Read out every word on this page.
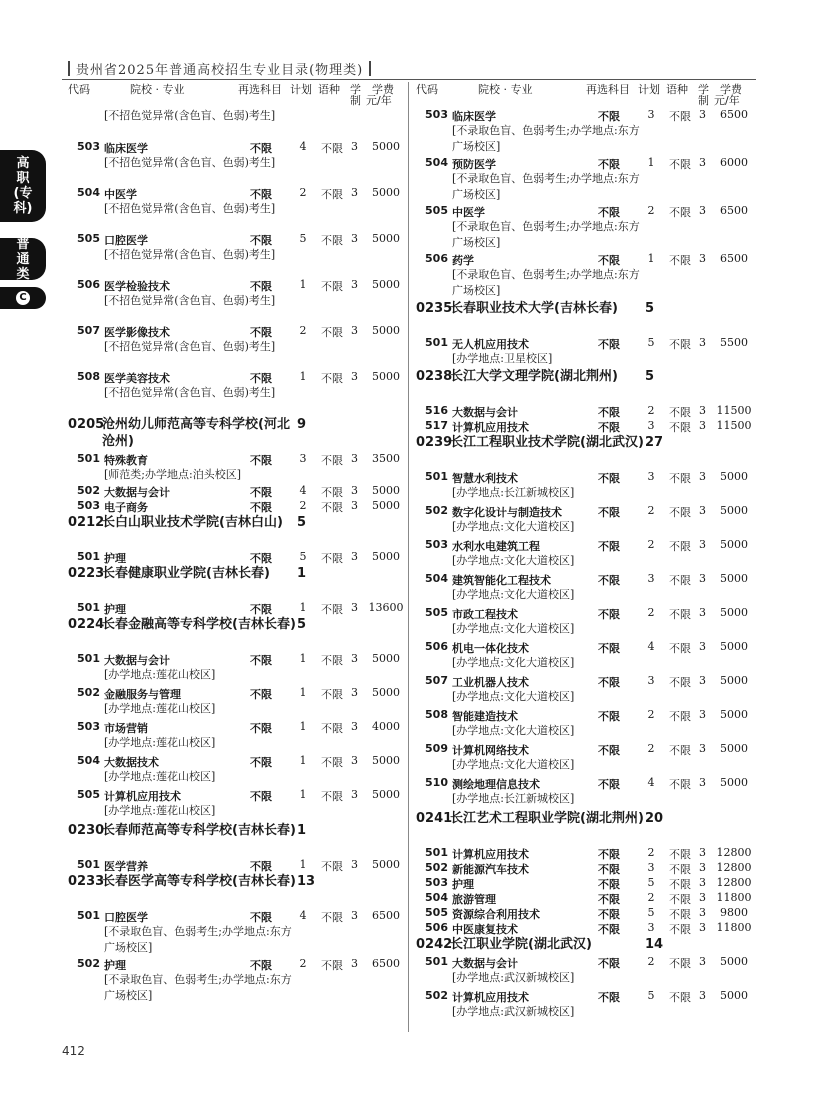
贵州省2025年普通高校招生专业目录(物理类)
高
职
(专
科)
普
通
类
C
代码	院校 · 专业	再选科目 计划 语种 学
制
学费
元/年
[不招色觉异常(含色盲、色弱)考生]
503 临床医学	不限	4 不限 3	5000
[不招色觉异常(含色盲、色弱)考生]
504 中医学	不限	2 不限 3	5000
[不招色觉异常(含色盲、色弱)考生]
505 口腔医学	不限	5 不限 3	5000
[不招色觉异常(含色盲、色弱)考生]
506 医学检验技术	不限	1 不限 3	5000
[不招色觉异常(含色盲、色弱)考生]
507 医学影像技术	不限	2 不限 3	5000
[不招色觉异常(含色盲、色弱)考生]
508 医学美容技术	不限	1 不限 3	5000
[不招色觉异常(含色盲、色弱)考生]
0205
沧州幼儿师范高等专科学校(河北沧州)
9
501 特殊教育	不限	3 不限 3	3500
[师范类;办学地点:泊头校区]
502 大数据与会计	不限	4 不限 3	5000
503 电子商务	不限	2 不限 3	5000
0212
长白山职业技术学院(吉林白山)	5
501 护理	不限	5 不限 3	5000
0223
长春健康职业学院(吉林长春)	1
501 护理	不限	1 不限 3 13600
0224
长春金融高等专科学校(吉林长春) 5
501 大数据与会计	不限	1 不限 3	5000
[办学地点:莲花山校区]
502 金融服务与管理	不限	1 不限 3	5000
[办学地点:莲花山校区]
503 市场营销	不限	1 不限 3	4000
[办学地点:莲花山校区]
504 大数据技术	不限	1 不限 3	5000
[办学地点:莲花山校区]
505 计算机应用技术	不限	1 不限 3	5000
[办学地点:莲花山校区]
0230
长春师范高等专科学校(吉林长春) 1
501 医学营养	不限	1 不限 3	5000
0233
长春医学高等专科学校(吉林长春) 13
501 口腔医学	不限	4 不限 3	6500
[不录取色盲、色弱考生;办学地点:东方广场校区]
502 护理	不限	2 不限 3	6500
[不录取色盲、色弱考生;办学地点:东方广场校区]
代码	院校 · 专业	再选科目 计划 语种 学
制
学费
元/年
503 临床医学	不限	3 不限 3	6500
[不录取色盲、色弱考生;办学地点:东方广场校区]
504 预防医学	不限	1 不限 3	6000
[不录取色盲、色弱考生;办学地点:东方广场校区]
505 中医学	不限	2 不限 3	6500
[不录取色盲、色弱考生;办学地点:东方广场校区]
506 药学	不限	1 不限 3	6500
[不录取色盲、色弱考生;办学地点:东方广场校区]
0235
长春职业技术大学(吉林长春)	5
501 无人机应用技术	不限	5 不限 3	5500
[办学地点:卫星校区]
0238
长江大学文理学院(湖北荆州)	5
516 大数据与会计	不限	2 不限 3 11500
517 计算机应用技术	不限	3 不限 3 11500
0239
长江工程职业技术学院(湖北武汉) 27
501 智慧水利技术	不限	3 不限 3	5000
[办学地点:长江新城校区]
502 数字化设计与制造技术	不限	2 不限 3	5000
[办学地点:文化大道校区]
503 水利水电建筑工程	不限	2 不限 3	5000
[办学地点:文化大道校区]
504 建筑智能化工程技术	不限	3 不限 3	5000
[办学地点:文化大道校区]
505 市政工程技术	不限	2 不限 3	5000
[办学地点:文化大道校区]
506 机电一体化技术	不限	4 不限 3	5000
[办学地点:文化大道校区]
507 工业机器人技术	不限	3 不限 3	5000
[办学地点:文化大道校区]
508 智能建造技术	不限	2 不限 3	5000
[办学地点:文化大道校区]
509 计算机网络技术	不限	2 不限 3	5000
[办学地点:文化大道校区]
510 测绘地理信息技术	不限	4 不限 3	5000
[办学地点:长江新城校区]
0241
长江艺术工程职业学院(湖北荆州) 20
501 计算机应用技术	不限	2 不限 3 12800
502 新能源汽车技术	不限	3 不限 3 12800
503 护理	不限	5 不限 3 12800
504 旅游管理	不限	2 不限 3 11800
505 资源综合利用技术	不限	5 不限 3	9800
506 中医康复技术	不限	3 不限 3 11800
0242
长江职业学院(湖北武汉)	14
501 大数据与会计	不限	2 不限 3	5000
[办学地点:武汉新城校区]
502 计算机应用技术	不限	5 不限 3	5000
[办学地点:武汉新城校区]
412
